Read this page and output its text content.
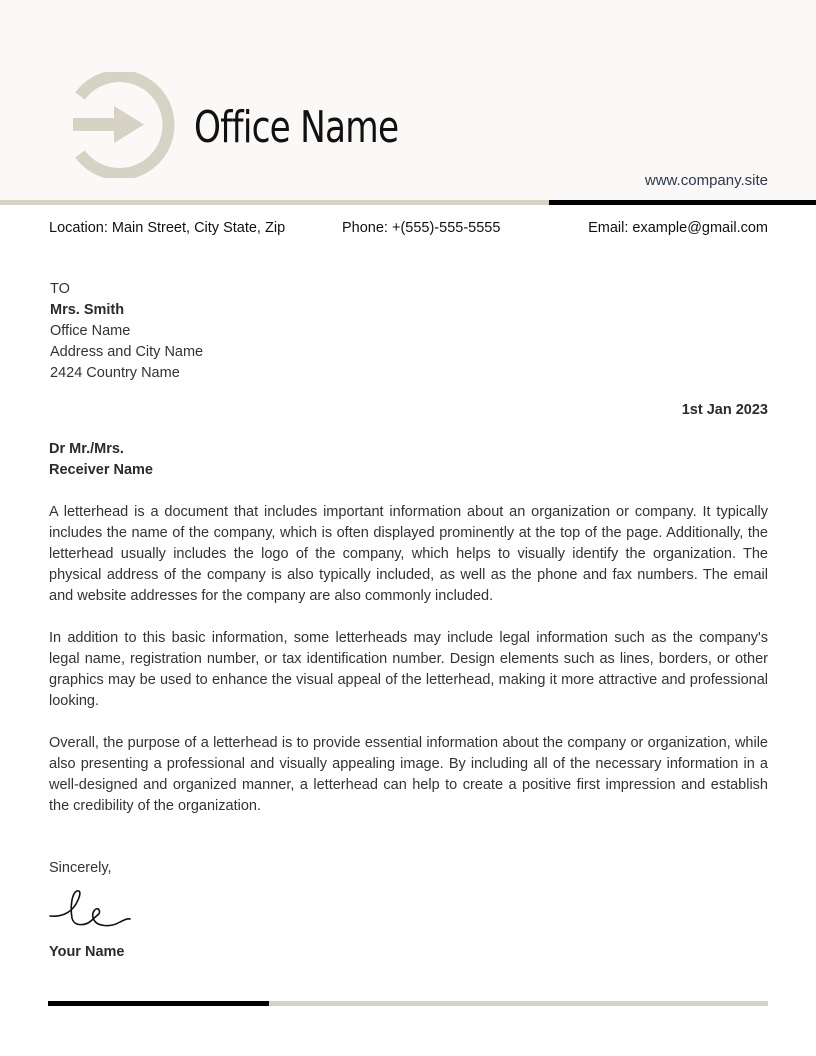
Office Name
www.company.site
Location: Main Street, City State, Zip	Phone: +(555)-555-5555	Email: example@gmail.com
TO
Mrs. Smith
Office Name
Address and City Name
2424 Country Name
1st Jan 2023
Dr Mr./Mrs.
Receiver Name

A letterhead is a document that includes important information about an organization or company. It typically includes the name of the company, which is often displayed prominently at the top of the page. Additionally, the letterhead usually includes the logo of the company, which helps to visually identify the organization. The physical address of the company is also typically included, as well as the phone and fax numbers. The email and website addresses for the company are also commonly included.

In addition to this basic information, some letterheads may include legal information such as the company's legal name, registration number, or tax identification number. Design elements such as lines, borders, or other graphics may be used to enhance the visual appeal of the letterhead, making it more attractive and professional looking.

Overall, the purpose of a letterhead is to provide essential information about the company or organization, while also presenting a professional and visually appealing image. By including all of the necessary information in a well-designed and organized manner, a letterhead can help to create a positive first impression and establish the credibility of the organization.

Sincerely,
Your Name
